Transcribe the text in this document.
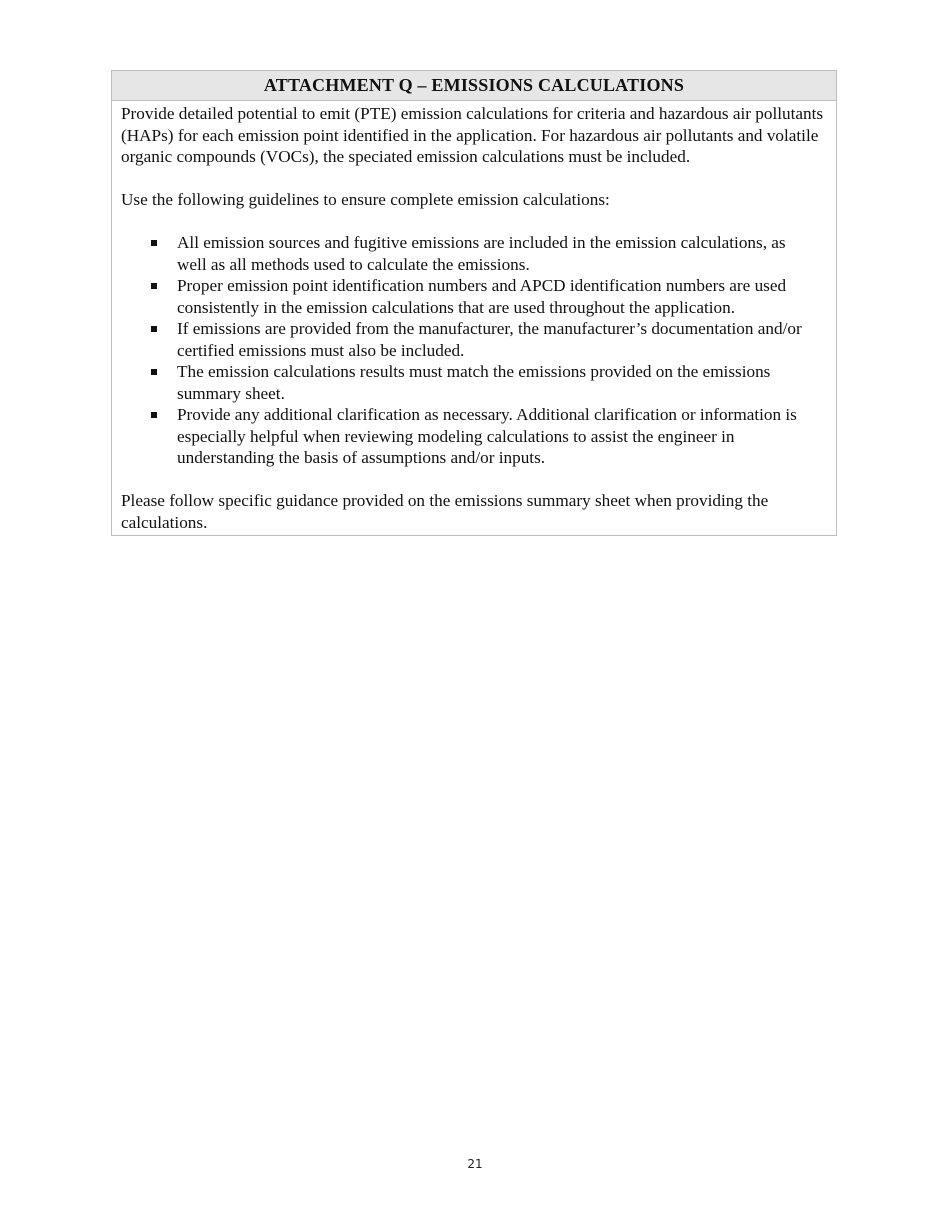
ATTACHMENT Q – EMISSIONS CALCULATIONS

Provide detailed potential to emit (PTE) emission calculations for criteria and hazardous air pollutants (HAPs) for each emission point identified in the application. For hazardous air pollutants and volatile organic compounds (VOCs), the speciated emission calculations must be included.

Use the following guidelines to ensure complete emission calculations:

All emission sources and fugitive emissions are included in the emission calculations, as well as all methods used to calculate the emissions.
Proper emission point identification numbers and APCD identification numbers are used consistently in the emission calculations that are used throughout the application.
If emissions are provided from the manufacturer, the manufacturer’s documentation and/or certified emissions must also be included.
The emission calculations results must match the emissions provided on the emissions summary sheet.
Provide any additional clarification as necessary. Additional clarification or information is especially helpful when reviewing modeling calculations to assist the engineer in understanding the basis of assumptions and/or inputs.

Please follow specific guidance provided on the emissions summary sheet when providing the calculations.

21
